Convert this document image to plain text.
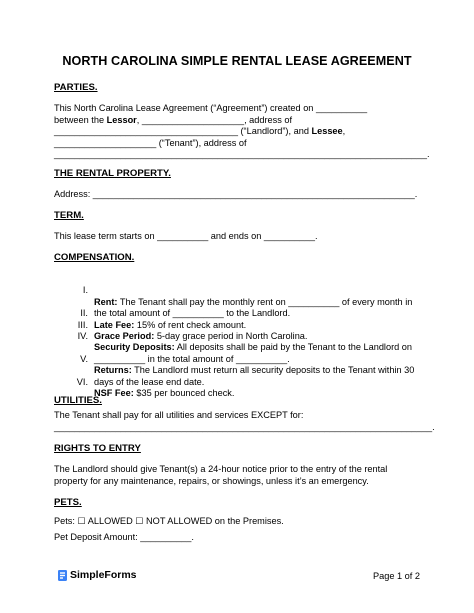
NORTH CAROLINA SIMPLE RENTAL LEASE AGREEMENT
PARTIES.
This North Carolina Lease Agreement (“Agreement”) created on __________
between the Lessor, ____________________, address of
____________________________________ (“Landlord”), and Lessee,
____________________ (“Tenant”), address of
_________________________________________________________________________.
THE RENTAL PROPERTY.
Address: _______________________________________________________________.
TERM.
This lease term starts on __________ and ends on __________.
COMPENSATION.

I.

Rent: The Tenant shall pay the monthly rent on __________ of every month in
the total amount of __________ to the Landlord.

II.

Late Fee: 15% of rent check amount.

III.

Grace Period: 5-day grace period in North Carolina.

IV.

Security Deposits: All deposits shall be paid by the Tenant to the Landlord on
__________ in the total amount of __________.

V.

Returns: The Landlord must return all security deposits to the Tenant within 30
days of the lease end date.

VI.

NSF Fee: $35 per bounced check.

UTILITIES.
The Tenant shall pay for all utilities and services EXCEPT for:
__________________________________________________________________________.
RIGHTS TO ENTRY
The Landlord should give Tenant(s) a 24-hour notice prior to the entry of the rental
property for any maintenance, repairs, or showings, unless it’s an emergency.
PETS.
Pets: ☐ ALLOWED ☐ NOT ALLOWED on the Premises.
Pet Deposit Amount: __________.
SimpleForms	Page 1 of 2
